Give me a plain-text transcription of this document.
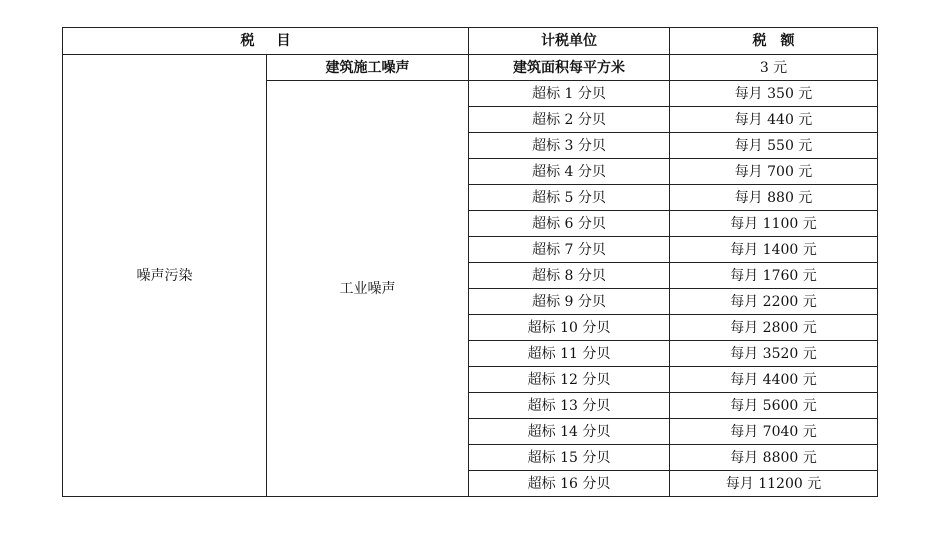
税目		计税单位	税额
噪声污染	建筑施工噪声	建筑面积每平方米	3 元
	工业噪声	超标 1 分贝	每月 350 元
		超标 2 分贝	每月 440 元
		超标 3 分贝	每月 550 元
		超标 4 分贝	每月 700 元
		超标 5 分贝	每月 880 元
		超标 6 分贝	每月 1100 元
		超标 7 分贝	每月 1400 元
		超标 8 分贝	每月 1760 元
		超标 9 分贝	每月 2200 元
		超标 10 分贝	每月 2800 元
		超标 11 分贝	每月 3520 元
		超标 12 分贝	每月 4400 元
		超标 13 分贝	每月 5600 元
		超标 14 分贝	每月 7040 元
		超标 15 分贝	每月 8800 元
		超标 16 分贝	每月 11200 元
